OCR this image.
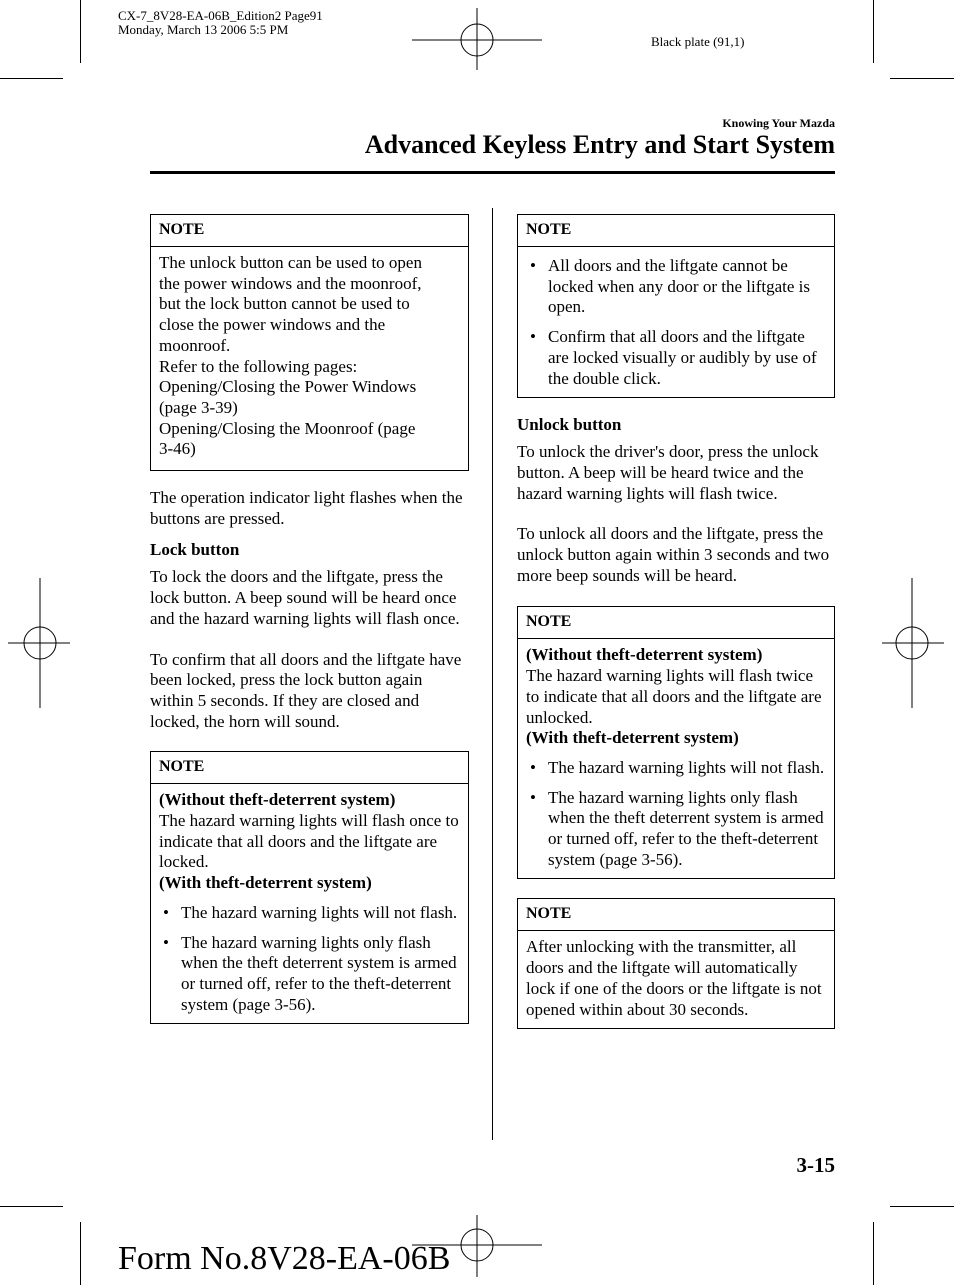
CX-7_8V28-EA-06B_Edition2 Page91
Monday, March 13 2006 5:5 PM
Black plate (91,1)
Knowing Your Mazda
Advanced Keyless Entry and Start System
NOTE
The unlock button can be used to open
the power windows and the moonroof,
but the lock button cannot be used to
close the power windows and the
moonroof.
Refer to the following pages:
Opening/Closing the Power Windows
(page 3-39)
Opening/Closing the Moonroof (page
3-46)
The operation indicator light flashes when the buttons are pressed.
Lock button
To lock the doors and the liftgate, press the lock button. A beep sound will be heard once and the hazard warning lights will flash once.
To confirm that all doors and the liftgate have been locked, press the lock button again within 5 seconds. If they are closed and locked, the horn will sound.
NOTE
(Without theft-deterrent system)
The hazard warning lights will flash once to indicate that all doors and the liftgate are locked.
(With theft-deterrent system)
• The hazard warning lights will not flash.
• The hazard warning lights only flash when the theft deterrent system is armed or turned off, refer to the theft-deterrent system (page 3-56).
NOTE
• All doors and the liftgate cannot be locked when any door or the liftgate is open.
• Confirm that all doors and the liftgate are locked visually or audibly by use of the double click.
Unlock button
To unlock the driver's door, press the unlock button. A beep will be heard twice and the hazard warning lights will flash twice.
To unlock all doors and the liftgate, press the unlock button again within 3 seconds and two more beep sounds will be heard.
NOTE
(Without theft-deterrent system)
The hazard warning lights will flash twice to indicate that all doors and the liftgate are unlocked.
(With theft-deterrent system)
• The hazard warning lights will not flash.
• The hazard warning lights only flash when the theft deterrent system is armed or turned off, refer to the theft-deterrent system (page 3-56).
NOTE
After unlocking with the transmitter, all doors and the liftgate will automatically lock if one of the doors or the liftgate is not opened within about 30 seconds.
3-15
Form No.8V28-EA-06B
